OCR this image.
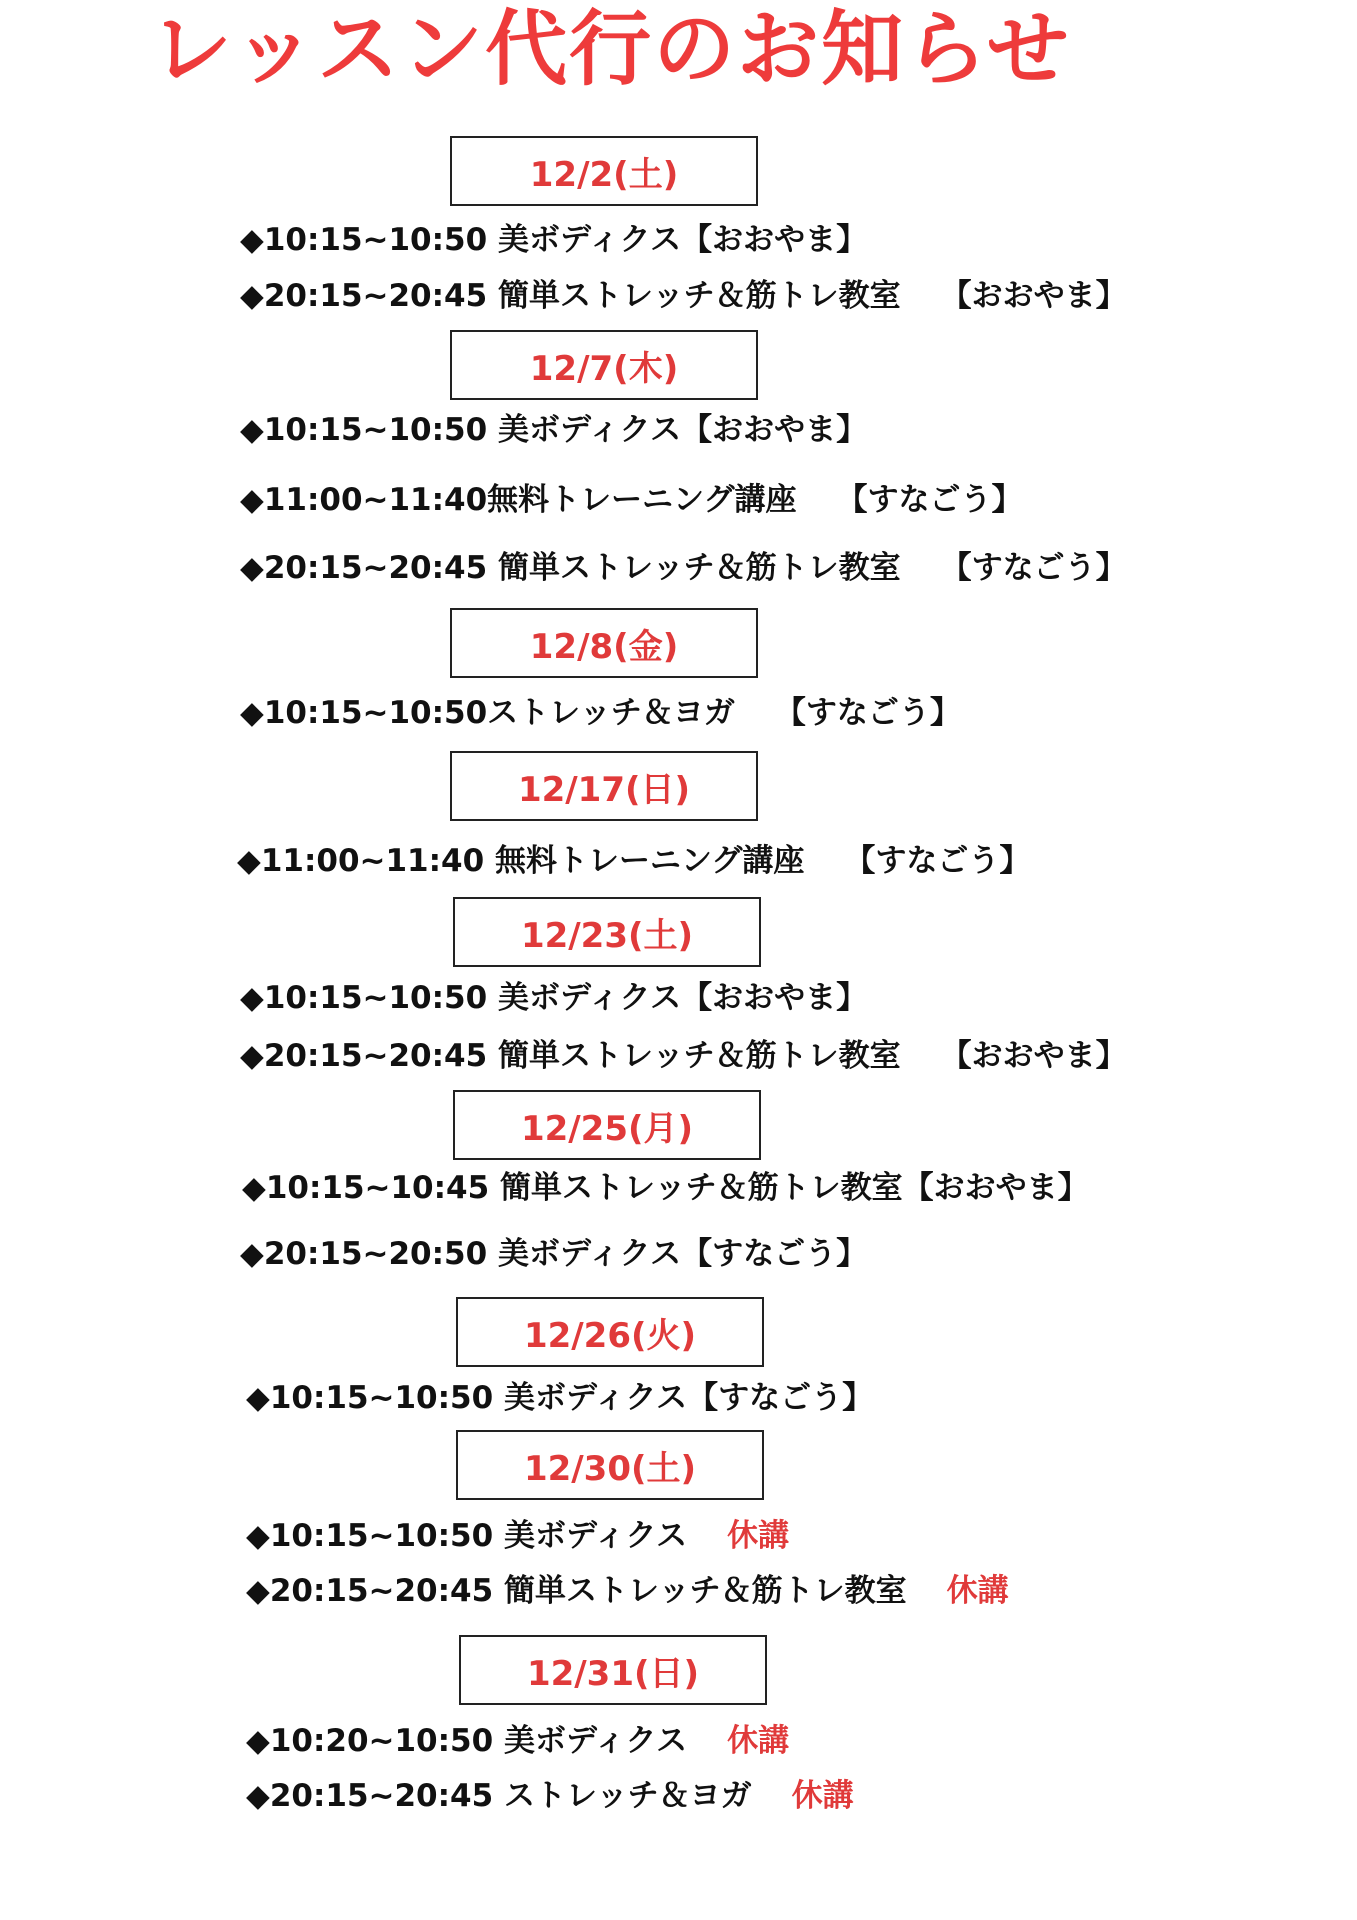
レッスン代行のお知らせ
12/2(土)
◆10:15~10:50 美ボディクス【おおやま】
◆20:15~20:45 簡単ストレッチ＆筋トレ教室 【おおやま】
12/7(木)
◆10:15~10:50 美ボディクス【おおやま】
◆11:00~11:40無料トレーニング講座 【すなごう】
◆20:15~20:45 簡単ストレッチ＆筋トレ教室 【すなごう】
12/8(金)
◆10:15~10:50ストレッチ＆ヨガ 【すなごう】
12/17(日)
◆11:00~11:40 無料トレーニング講座 【すなごう】
12/23(土)
◆10:15~10:50 美ボディクス【おおやま】
◆20:15~20:45 簡単ストレッチ＆筋トレ教室 【おおやま】
12/25(月)
◆10:15~10:45 簡単ストレッチ＆筋トレ教室【おおやま】
◆20:15~20:50 美ボディクス【すなごう】
12/26(火)
◆10:15~10:50 美ボディクス【すなごう】
12/30(土)
◆10:15~10:50 美ボディクス 休講
◆20:15~20:45 簡単ストレッチ＆筋トレ教室 休講
12/31(日)
◆10:20~10:50 美ボディクス 休講
◆20:15~20:45 ストレッチ＆ヨガ 休講
